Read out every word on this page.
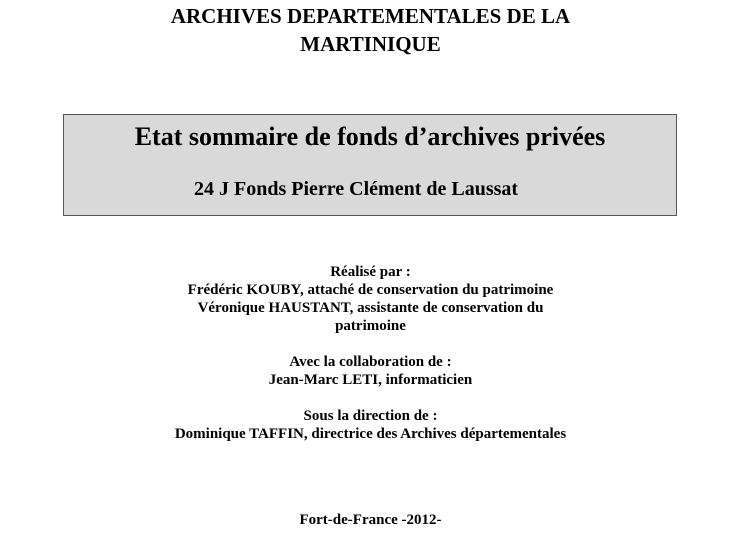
ARCHIVES DEPARTEMENTALES DE LA
MARTINIQUE
Etat sommaire de fonds d’archives privées
24 J Fonds Pierre Clément de Laussat
Réalisé par :
Frédéric KOUBY, attaché de conservation du patrimoine
Véronique HAUSTANT, assistante de conservation du
patrimoine
Avec la collaboration de :
Jean-Marc LETI, informaticien
Sous la direction de :
Dominique TAFFIN, directrice des Archives départementales
Fort-de-France -2012-
